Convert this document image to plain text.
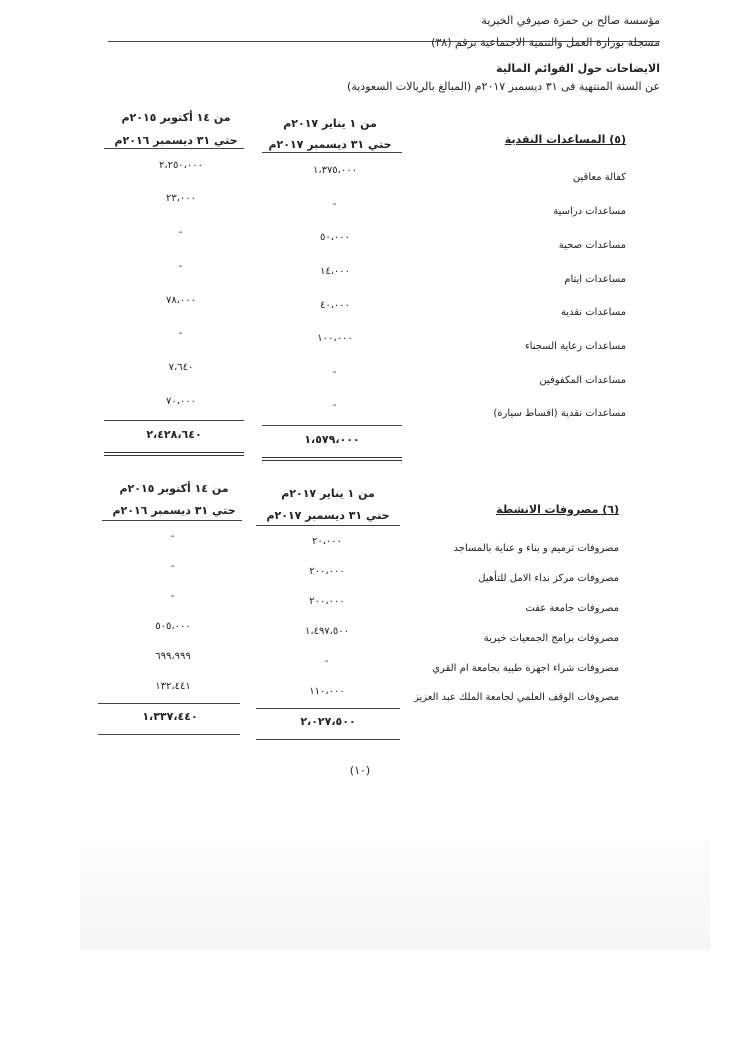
مؤسسة صالح بن حمزة صيرفي الخيرية
مسجلة بوزارة العمل والتنمية الاجتماعية برقم (٣٨)
الايضاحات حول القوائم المالية
عن السنة المنتهية فى ٣١ ديسمبر ٢٠١٧م (المبالغ بالريالات السعودية)
من ١ يناير ٢٠١٧م
حتي ٣١ ديسمبر ٢٠١٧م
من ١٤ أكتوبر ٢٠١٥م
حتي ٣١ ديسمبر ٢٠١٦م	(٥) المساعدات النقدية
كفالة معاقين
١،٣٧٥،٠٠٠
٢،٢٥٠،٠٠٠
مساعدات دراسية
-
٢٣،٠٠٠
مساعدات صحية
٥٠،٠٠٠
-
مساعدات ايتام
١٤،٠٠٠
-
مساعدات نقدية
٤٠،٠٠٠
٧٨،٠٠٠
مساعدات رعاية السجناء
١٠٠،٠٠٠
-
مساعدات المكفوفين
-
٧،٦٤٠
مساعدات نقدية (اقساط سيارة)
-
٧٠،٠٠٠
١،٥٧٩،٠٠٠
٢،٤٢٨،٦٤٠
من ١ يناير ٢٠١٧م
حتي ٣١ ديسمبر ٢٠١٧م
من ١٤ أكتوبر ٢٠١٥م
حتي ٣١ ديسمبر ٢٠١٦م	(٦) مصروفات الانشطة
مصروفات ترميم و بناء و عناية بالمساجد
٢٠،٠٠٠
-
مصروفات مركز نداء الامل للتأهيل
٢٠٠،٠٠٠
-
مصروفات جامعة عفت
٢٠٠،٠٠٠
-
مصروفات برامج الجمعيات خيرية
١،٤٩٧،٥٠٠
٥٠٥،٠٠٠
مصروفات شراء اجهزة طبية بجامعة ام القري
-
٦٩٩،٩٩٩
مصروفات الوقف العلمي لجامعة الملك عبد العزيز
١١٠،٠٠٠
١٣٢،٤٤١
٢،٠٢٧،٥٠٠
١،٣٣٧،٤٤٠
(١٠)
